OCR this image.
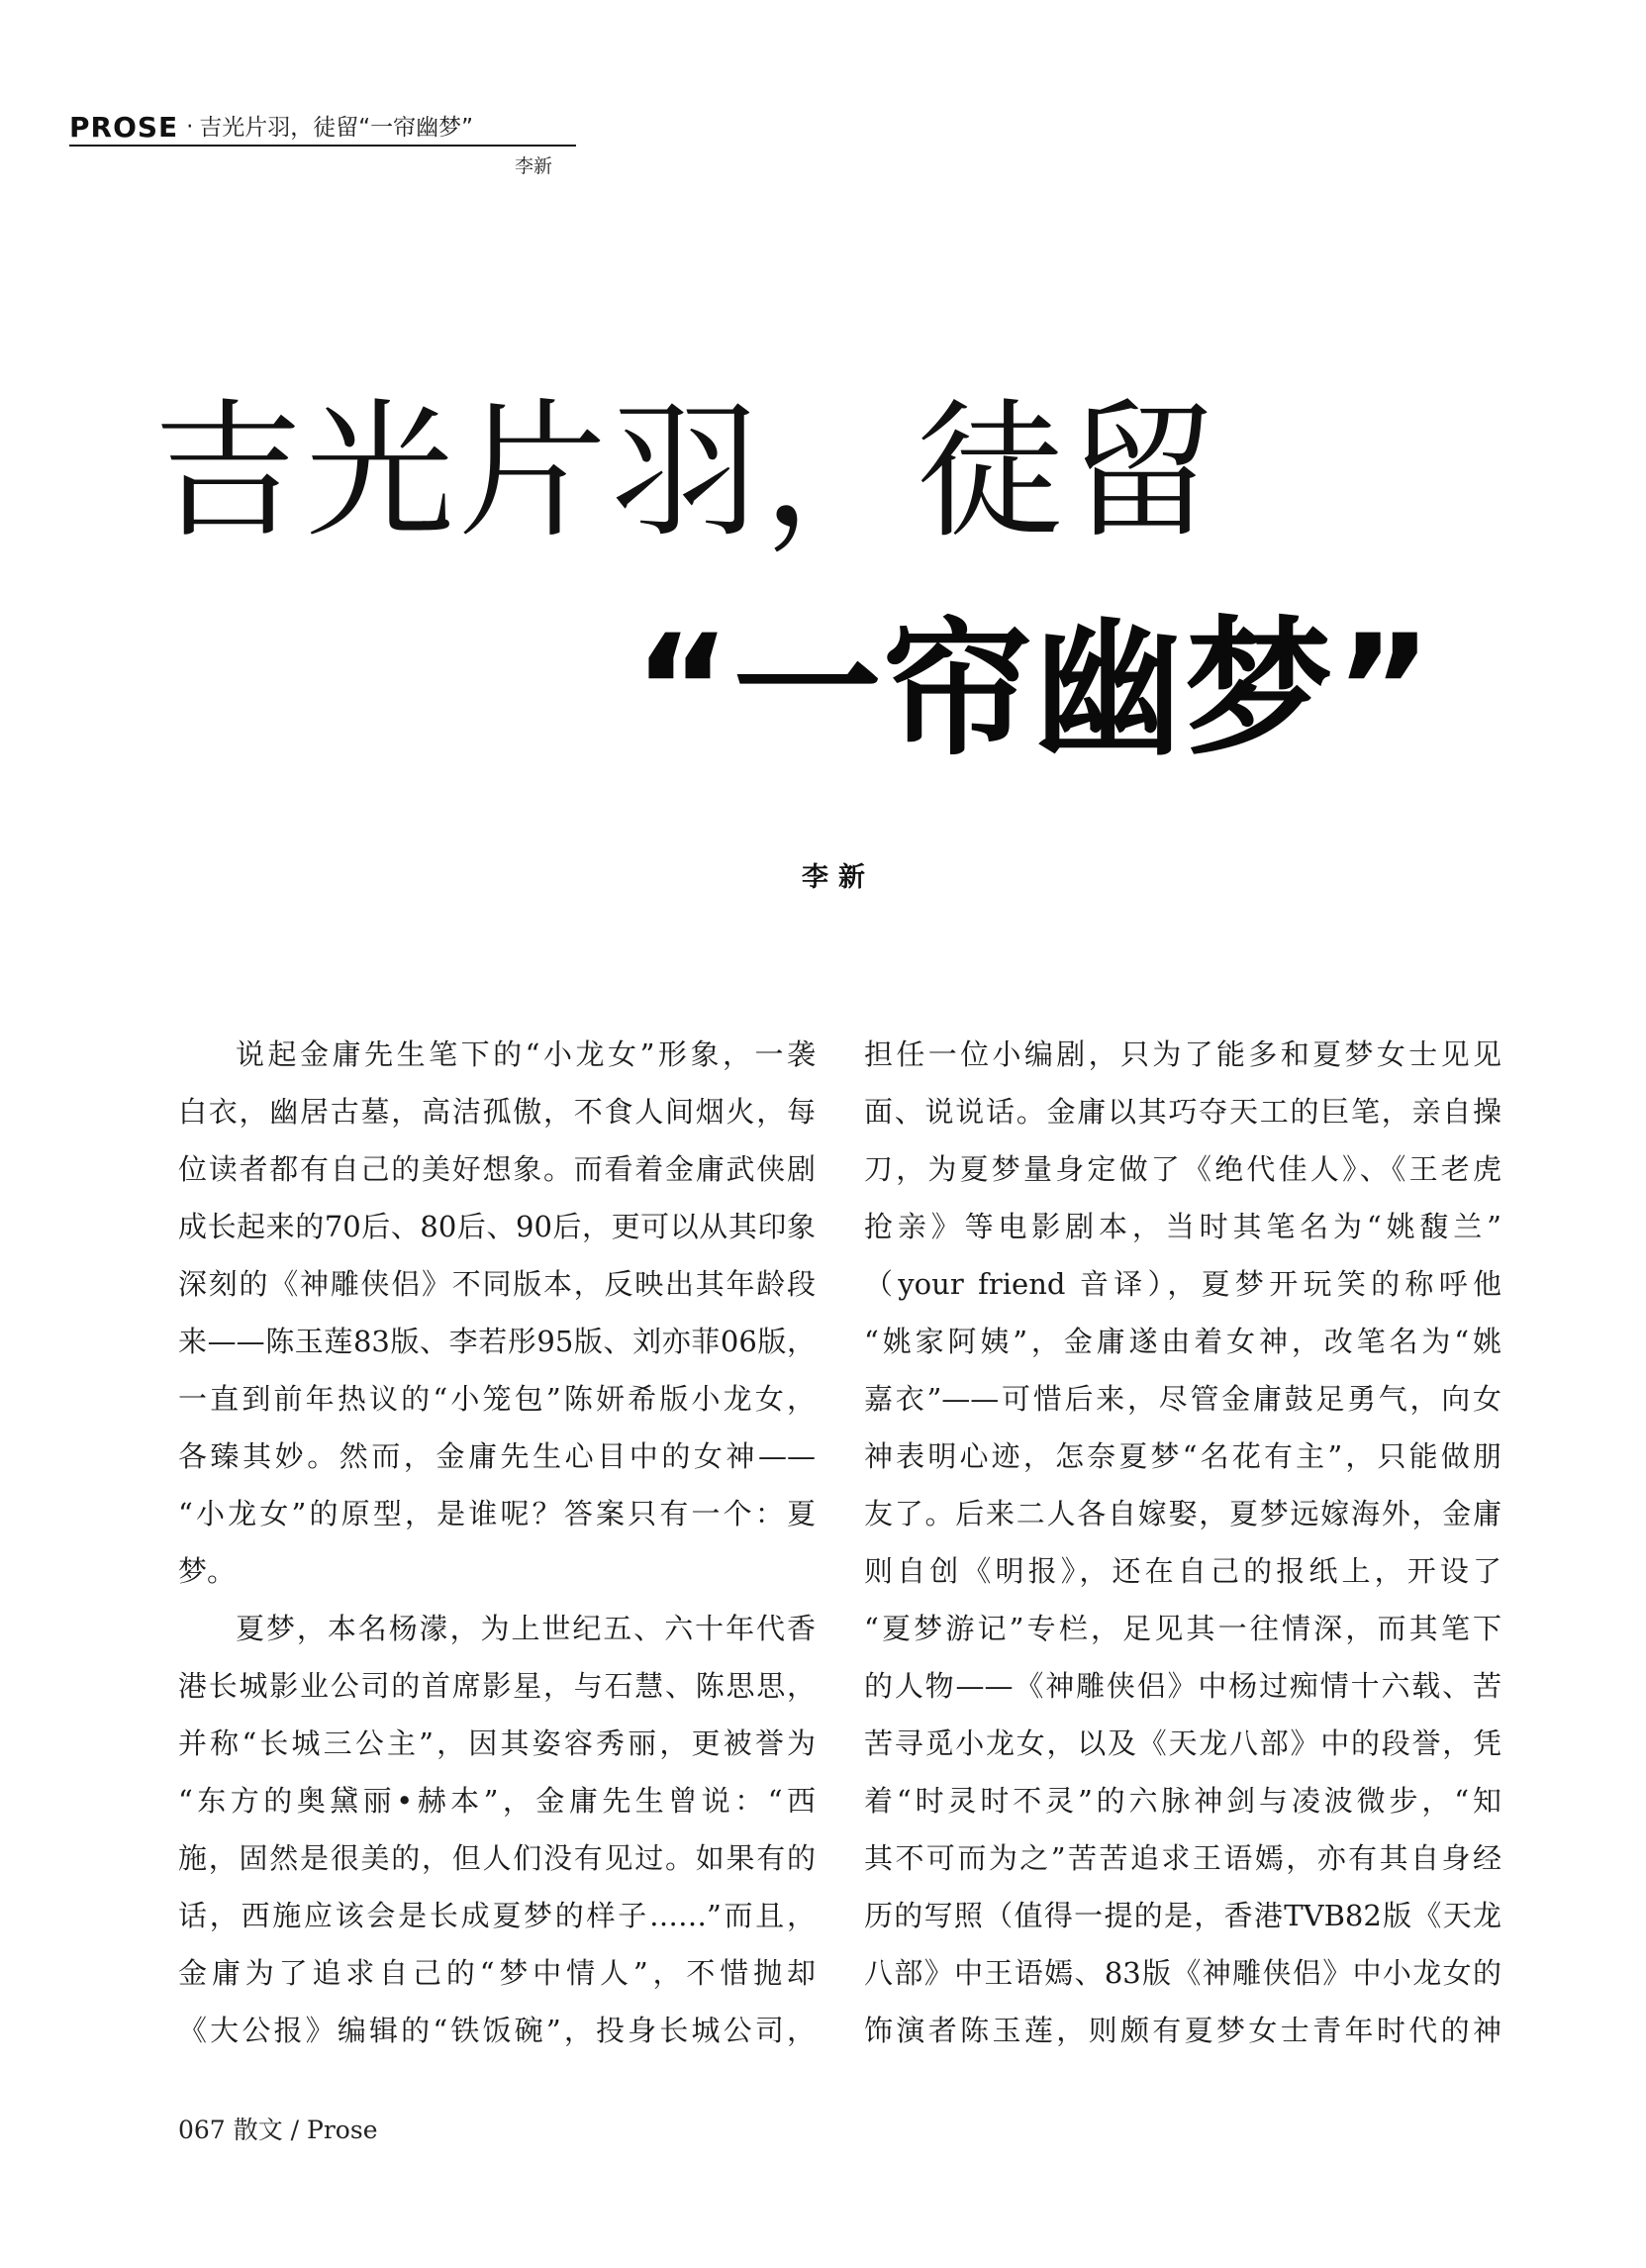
PROSE · 吉光片羽，徒留“一帘幽梦”
李新
吉光片羽，徒留
“一帘幽梦”
李新

说起金庸先生笔下的“小龙女”形象，一袭

白衣，幽居古墓，高洁孤傲，不食人间烟火，每

位读者都有自己的美好想象。而看着金庸武侠剧

成长起来的70后、80后、90后，更可以从其印象

深刻的《神雕侠侣》不同版本，反映出其年龄段

来——陈玉莲83版、李若彤95版、刘亦菲06版，

一直到前年热议的“小笼包”陈妍希版小龙女，

各臻其妙。然而，金庸先生心目中的女神——

“小龙女”的原型，是谁呢？答案只有一个：夏

梦。

夏梦，本名杨濛，为上世纪五、六十年代香

港长城影业公司的首席影星，与石慧、陈思思，

并称“长城三公主”，因其姿容秀丽，更被誉为

“东方的奥黛丽•赫本”，金庸先生曾说：“西

施，固然是很美的，但人们没有见过。如果有的

话，西施应该会是长成夏梦的样子……”而且，

金庸为了追求自己的“梦中情人”，不惜抛却

《大公报》编辑的“铁饭碗”，投身长城公司，

担任一位小编剧，只为了能多和夏梦女士见见

面、说说话。金庸以其巧夺天工的巨笔，亲自操

刀，为夏梦量身定做了《绝代佳人》、《王老虎

抢亲》等电影剧本，当时其笔名为“姚馥兰”

（your friend 音译），夏梦开玩笑的称呼他

“姚家阿姨”，金庸遂由着女神，改笔名为“姚

嘉衣”——可惜后来，尽管金庸鼓足勇气，向女

神表明心迹，怎奈夏梦“名花有主”，只能做朋

友了。后来二人各自嫁娶，夏梦远嫁海外，金庸

则自创《明报》，还在自己的报纸上，开设了

“夏梦游记”专栏，足见其一往情深，而其笔下

的人物——《神雕侠侣》中杨过痴情十六载、苦

苦寻觅小龙女，以及《天龙八部》中的段誉，凭

着“时灵时不灵”的六脉神剑与凌波微步，“知

其不可而为之”苦苦追求王语嫣，亦有其自身经

历的写照（值得一提的是，香港TVB82版《天龙

八部》中王语嫣、83版《神雕侠侣》中小龙女的

饰演者陈玉莲，则颇有夏梦女士青年时代的神

067 散文 / Prose
